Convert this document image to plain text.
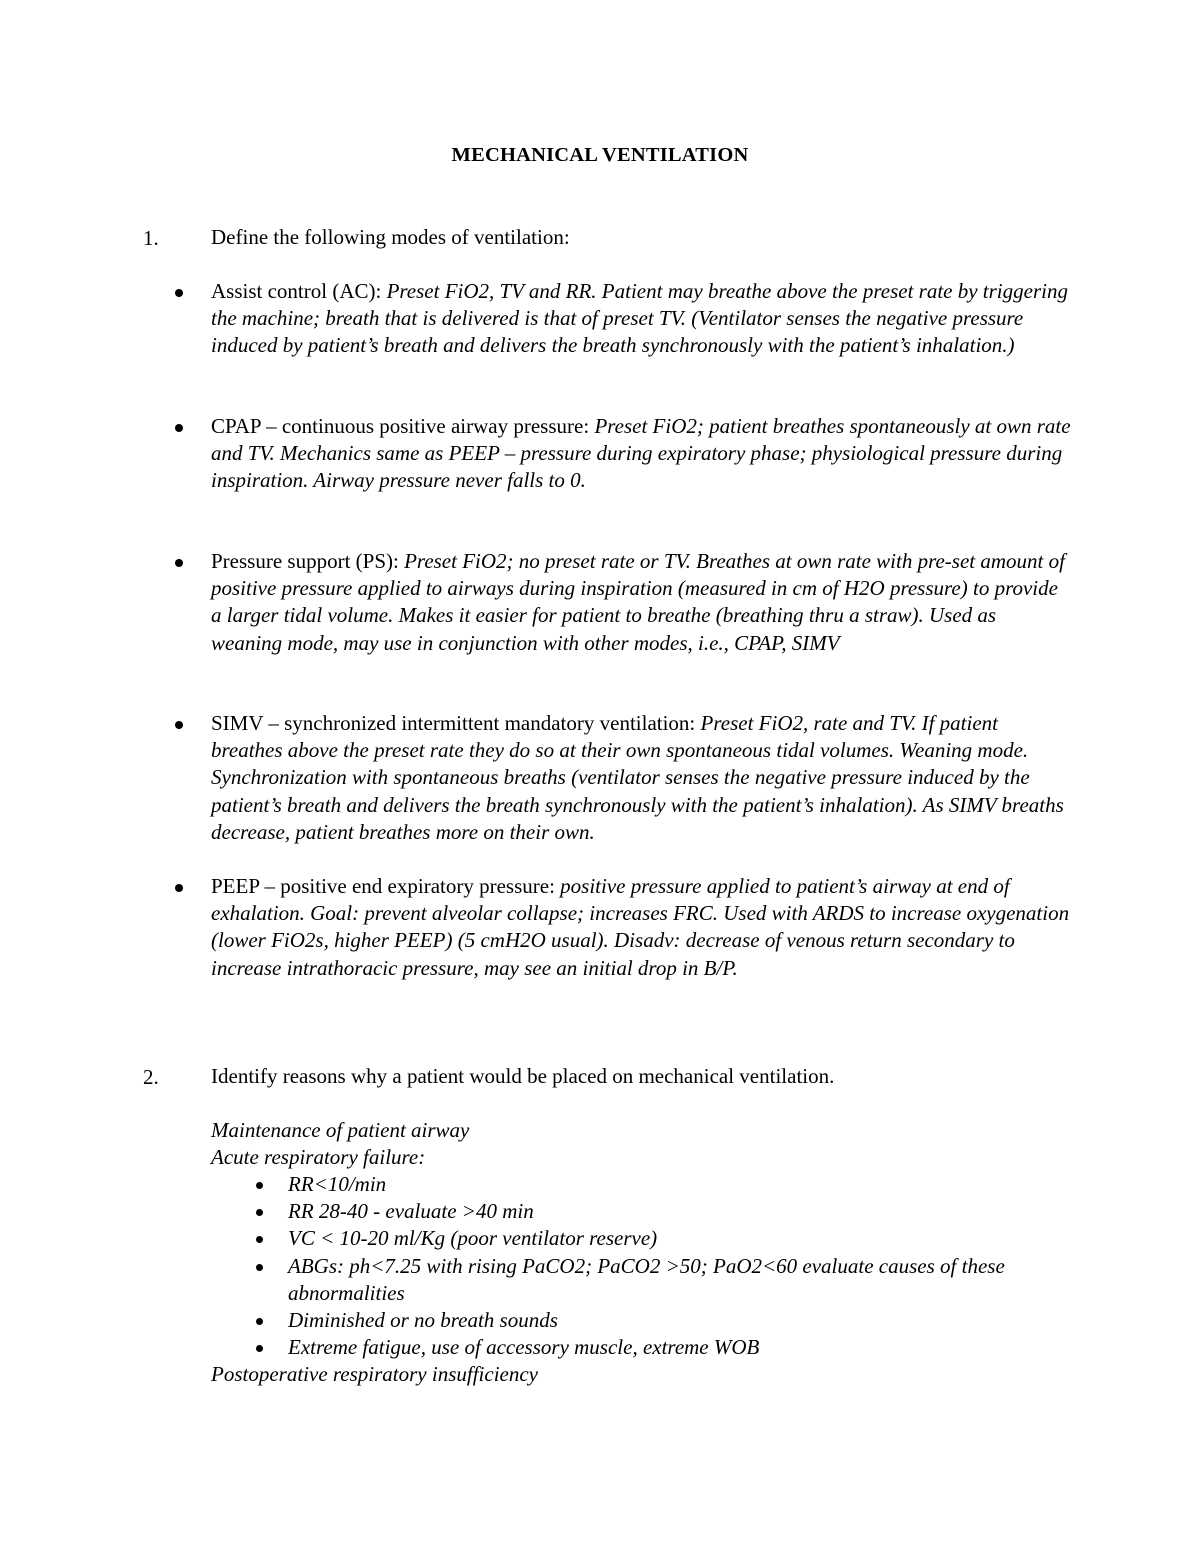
MECHANICAL VENTILATION
1. Define the following modes of ventilation:
Assist control (AC): Preset FiO2, TV and RR. Patient may breathe above the preset rate by triggering the machine; breath that is delivered is that of preset TV. (Ventilator senses the negative pressure induced by patient’s breath and delivers the breath synchronously with the patient’s inhalation.)
CPAP – continuous positive airway pressure: Preset FiO2; patient breathes spontaneously at own rate and TV. Mechanics same as PEEP – pressure during expiratory phase; physiological pressure during inspiration. Airway pressure never falls to 0.
Pressure support (PS): Preset FiO2; no preset rate or TV. Breathes at own rate with pre-set amount of positive pressure applied to airways during inspiration (measured in cm of H2O pressure) to provide a larger tidal volume. Makes it easier for patient to breathe (breathing thru a straw). Used as weaning mode, may use in conjunction with other modes, i.e., CPAP, SIMV
SIMV – synchronized intermittent mandatory ventilation: Preset FiO2, rate and TV. If patient breathes above the preset rate they do so at their own spontaneous tidal volumes. Weaning mode. Synchronization with spontaneous breaths (ventilator senses the negative pressure induced by the patient’s breath and delivers the breath synchronously with the patient’s inhalation). As SIMV breaths decrease, patient breathes more on their own.
PEEP – positive end expiratory pressure: positive pressure applied to patient’s airway at end of exhalation. Goal: prevent alveolar collapse; increases FRC. Used with ARDS to increase oxygenation (lower FiO2s, higher PEEP) (5 cmH2O usual). Disadv: decrease of venous return secondary to increase intrathoracic pressure, may see an initial drop in B/P.
2. Identify reasons why a patient would be placed on mechanical ventilation.
Maintenance of patient airway
Acute respiratory failure:
RR<10/min
RR 28-40 - evaluate >40 min
VC < 10-20 ml/Kg (poor ventilator reserve)
ABGs: ph<7.25 with rising PaCO2; PaCO2 >50; PaO2<60 evaluate causes of these abnormalities
Diminished or no breath sounds
Extreme fatigue, use of accessory muscle, extreme WOB
Postoperative respiratory insufficiency
